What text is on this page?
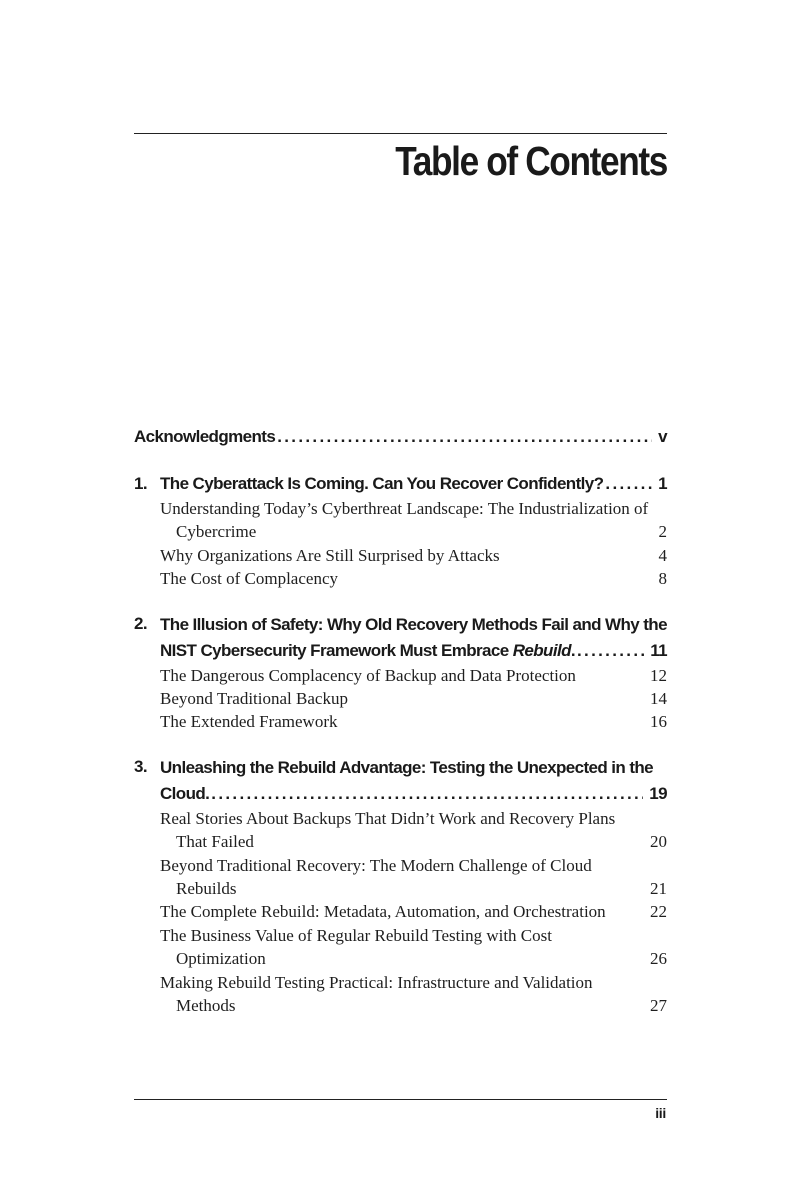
Table of Contents
Acknowledgments . . .	v
1. The Cyberattack Is Coming. Can You Recover Confidently? . . .	1
Understanding Today’s Cyberthreat Landscape: The Industrialization of Cybercrime	2
Why Organizations Are Still Surprised by Attacks	4
The Cost of Complacency	8
2. The Illusion of Safety: Why Old Recovery Methods Fail and Why the
NIST Cybersecurity Framework Must Embrace Rebuild. . . .	11
The Dangerous Complacency of Backup and Data Protection	12
Beyond Traditional Backup	14
The Extended Framework	16
3. Unleashing the Rebuild Advantage: Testing the Unexpected in the
Cloud. . . .	19
Real Stories About Backups That Didn’t Work and Recovery Plans That Failed	20
Beyond Traditional Recovery: The Modern Challenge of Cloud Rebuilds	21
The Complete Rebuild: Metadata, Automation, and Orchestration	22
The Business Value of Regular Rebuild Testing with Cost Optimization	26
Making Rebuild Testing Practical: Infrastructure and Validation Methods	27
iii
